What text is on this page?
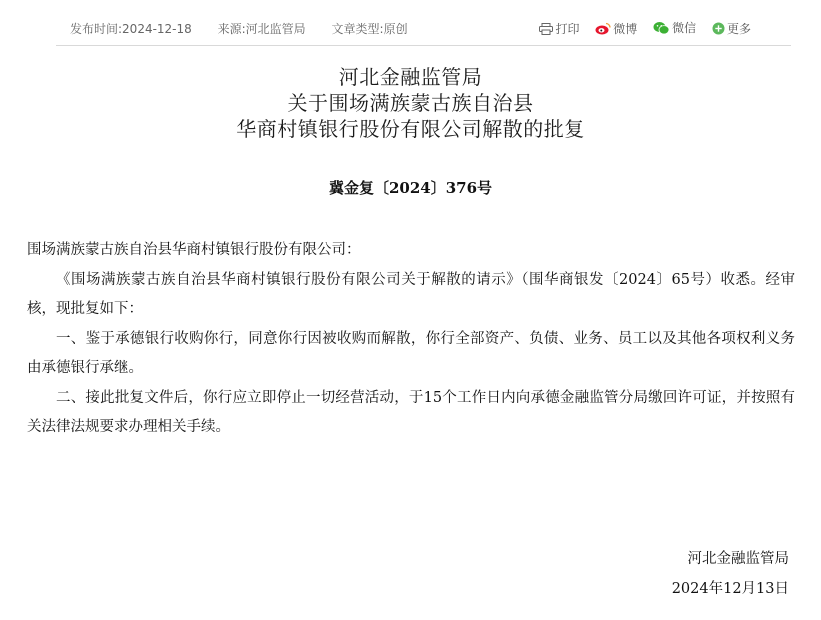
发布时间:2024-12-18 来源:河北监管局 文章类型:原创	打印
	微博
	微信
	更多
河北金融监管局
关于围场满族蒙古族自治县
华商村镇银行股份有限公司解散的批复
冀金复〔2024〕376号

围场满族蒙古族自治县华商村镇银行股份有限公司：

《围场满族蒙古族自治县华商村镇银行股份有限公司关于解散的请示》（围华商银发〔2024〕65号）收悉。经审核，现批复如下：

一、鉴于承德银行收购你行，同意你行因被收购而解散，你行全部资产、负债、业务、员工以及其他各项权利义务由承德银行承继。

二、接此批复文件后，你行应立即停止一切经营活动，于15个工作日内向承德金融监管分局缴回许可证，并按照有关法律法规要求办理相关手续。

河北金融监管局
2024年12月13日
